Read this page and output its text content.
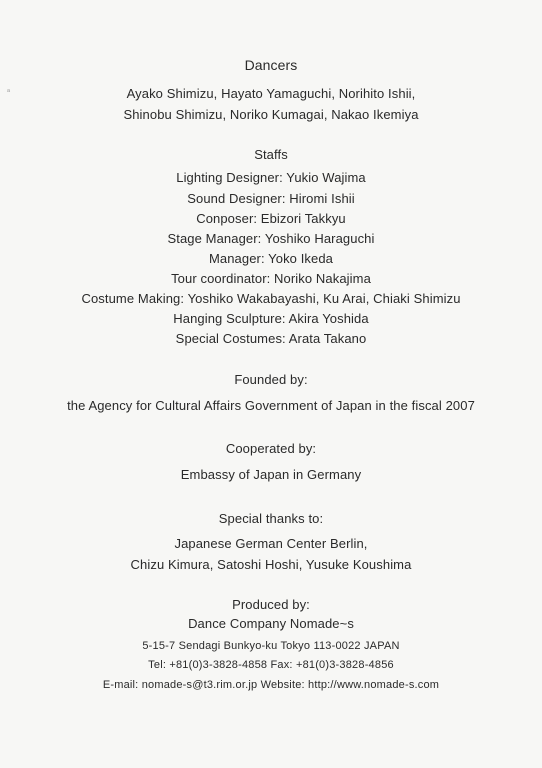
ᵃ
Dancers
Ayako Shimizu, Hayato Yamaguchi, Norihito Ishii,
Shinobu Shimizu, Noriko Kumagai, Nakao Ikemiya
Staffs
Lighting Designer: Yukio Wajima
Sound Designer: Hiromi Ishii
Conposer: Ebizori Takkyu
Stage Manager: Yoshiko Haraguchi
Manager: Yoko Ikeda
Tour coordinator: Noriko Nakajima
Costume Making: Yoshiko Wakabayashi, Ku Arai, Chiaki Shimizu
Hanging Sculpture: Akira Yoshida
Special Costumes: Arata Takano
Founded by:
the Agency for Cultural Affairs Government of Japan in the fiscal 2007
Cooperated by:
Embassy of Japan in Germany
Special thanks to:
Japanese German Center Berlin,
Chizu Kimura, Satoshi Hoshi, Yusuke Koushima
Produced by:
Dance Company Nomade~s
5-15-7 Sendagi Bunkyo-ku Tokyo 113-0022 JAPAN
Tel: +81(0)3-3828-4858 Fax: +81(0)3-3828-4856
E-mail: nomade-s@t3.rim.or.jp Website: http://www.nomade-s.com
